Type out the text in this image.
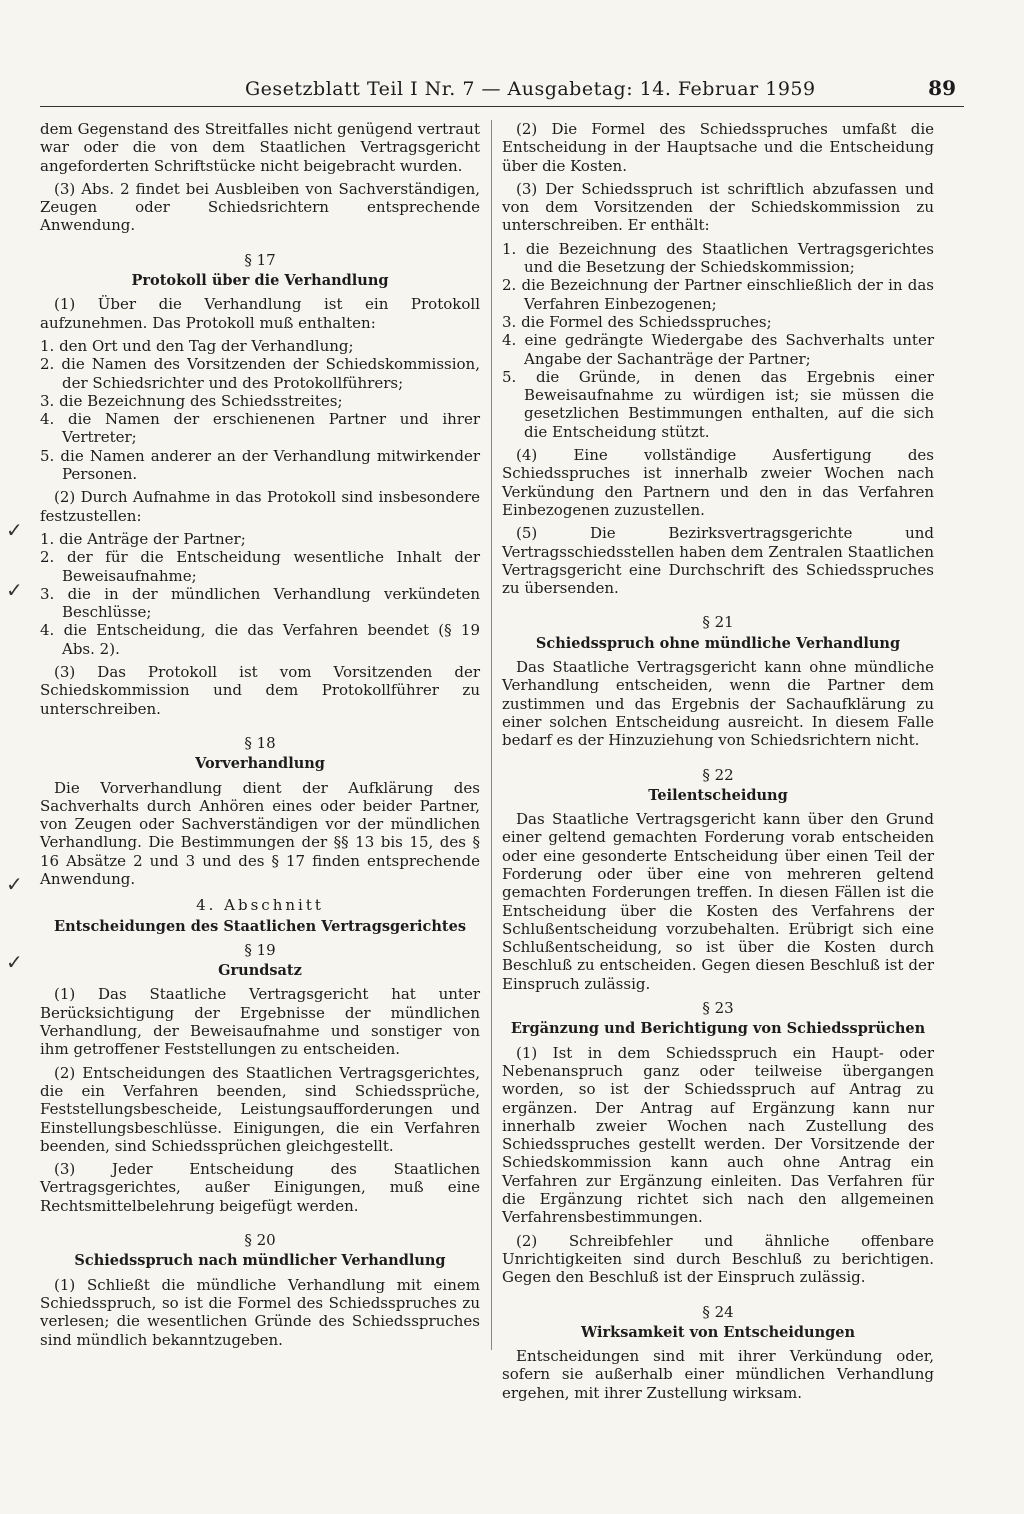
Gesetzblatt Teil I Nr. 7 — Ausgabetag: 14. Februar 1959	89
✓
✓
✓
✓

dem Gegenstand des Streitfalles nicht genügend vertraut war oder die von dem Staatlichen Vertragsgericht angeforderten Schriftstücke nicht beigebracht wurden.

(3) Abs. 2 findet bei Ausbleiben von Sachverständigen, Zeugen oder Schiedsrichtern entsprechende Anwendung.

§ 17
Protokoll über die Verhandlung

(1) Über die Verhandlung ist ein Protokoll aufzunehmen. Das Protokoll muß enthalten:

1. den Ort und den Tag der Verhandlung;
2. die Namen des Vorsitzenden der Schiedskommission, der Schiedsrichter und des Protokollführers;
3. die Bezeichnung des Schiedsstreites;
4. die Namen der erschienenen Partner und ihrer Vertreter;
5. die Namen anderer an der Verhandlung mitwirkender Personen.

(2) Durch Aufnahme in das Protokoll sind insbesondere festzustellen:

1. die Anträge der Partner;
2. der für die Entscheidung wesentliche Inhalt der Beweisaufnahme;
3. die in der mündlichen Verhandlung verkündeten Beschlüsse;
4. die Entscheidung, die das Verfahren beendet (§ 19 Abs. 2).

(3) Das Protokoll ist vom Vorsitzenden der Schiedskommission und dem Protokollführer zu unterschreiben.

§ 18
Vorverhandlung

Die Vorverhandlung dient der Aufklärung des Sachverhalts durch Anhören eines oder beider Partner, von Zeugen oder Sachverständigen vor der mündlichen Verhandlung. Die Bestimmungen der §§ 13 bis 15, des § 16 Absätze 2 und 3 und des § 17 finden entsprechende Anwendung.

4. Abschnitt
Entscheidungen des Staatlichen Vertragsgerichtes
§ 19
Grundsatz

(1) Das Staatliche Vertragsgericht hat unter Berücksichtigung der Ergebnisse der mündlichen Verhandlung, der Beweisaufnahme und sonstiger von ihm getroffener Feststellungen zu entscheiden.

(2) Entscheidungen des Staatlichen Vertragsgerichtes, die ein Verfahren beenden, sind Schiedssprüche, Feststellungsbescheide, Leistungsaufforderungen und Einstellungsbeschlüsse. Einigungen, die ein Verfahren beenden, sind Schiedssprüchen gleichgestellt.

(3) Jeder Entscheidung des Staatlichen Vertragsgerichtes, außer Einigungen, muß eine Rechtsmittelbelehrung beigefügt werden.

§ 20
Schiedsspruch nach mündlicher Verhandlung

(1) Schließt die mündliche Verhandlung mit einem Schiedsspruch, so ist die Formel des Schiedsspruches zu verlesen; die wesentlichen Gründe des Schiedsspruches sind mündlich bekanntzugeben.

(2) Die Formel des Schiedsspruches umfaßt die Entscheidung in der Hauptsache und die Entscheidung über die Kosten.

(3) Der Schiedsspruch ist schriftlich abzufassen und von dem Vorsitzenden der Schiedskommission zu unterschreiben. Er enthält:

1. die Bezeichnung des Staatlichen Vertragsgerichtes und die Besetzung der Schiedskommission;
2. die Bezeichnung der Partner einschließlich der in das Verfahren Einbezogenen;
3. die Formel des Schiedsspruches;
4. eine gedrängte Wiedergabe des Sachverhalts unter Angabe der Sachanträge der Partner;
5. die Gründe, in denen das Ergebnis einer Beweisaufnahme zu würdigen ist; sie müssen die gesetzlichen Bestimmungen enthalten, auf die sich die Entscheidung stützt.

(4) Eine vollständige Ausfertigung des Schiedsspruches ist innerhalb zweier Wochen nach Verkündung den Partnern und den in das Verfahren Einbezogenen zuzustellen.

(5) Die Bezirksvertragsgerichte und Vertragsschiedsstellen haben dem Zentralen Staatlichen Vertragsgericht eine Durchschrift des Schiedsspruches zu übersenden.

§ 21
Schiedsspruch ohne mündliche Verhandlung

Das Staatliche Vertragsgericht kann ohne mündliche Verhandlung entscheiden, wenn die Partner dem zustimmen und das Ergebnis der Sachaufklärung zu einer solchen Entscheidung ausreicht. In diesem Falle bedarf es der Hinzuziehung von Schiedsrichtern nicht.

§ 22
Teilentscheidung

Das Staatliche Vertragsgericht kann über den Grund einer geltend gemachten Forderung vorab entscheiden oder eine gesonderte Entscheidung über einen Teil der Forderung oder über eine von mehreren geltend gemachten Forderungen treffen. In diesen Fällen ist die Entscheidung über die Kosten des Verfahrens der Schlußentscheidung vorzubehalten. Erübrigt sich eine Schlußentscheidung, so ist über die Kosten durch Beschluß zu entscheiden. Gegen diesen Beschluß ist der Einspruch zulässig.

§ 23
Ergänzung und Berichtigung von Schiedssprüchen

(1) Ist in dem Schiedsspruch ein Haupt- oder Nebenanspruch ganz oder teilweise übergangen worden, so ist der Schiedsspruch auf Antrag zu ergänzen. Der Antrag auf Ergänzung kann nur innerhalb zweier Wochen nach Zustellung des Schiedsspruches gestellt werden. Der Vorsitzende der Schiedskommission kann auch ohne Antrag ein Verfahren zur Ergänzung einleiten. Das Verfahren für die Ergänzung richtet sich nach den allgemeinen Verfahrensbestimmungen.

(2) Schreibfehler und ähnliche offenbare Unrichtigkeiten sind durch Beschluß zu berichtigen. Gegen den Beschluß ist der Einspruch zulässig.

§ 24
Wirksamkeit von Entscheidungen

Entscheidungen sind mit ihrer Verkündung oder, sofern sie außerhalb einer mündlichen Verhandlung ergehen, mit ihrer Zustellung wirksam.
